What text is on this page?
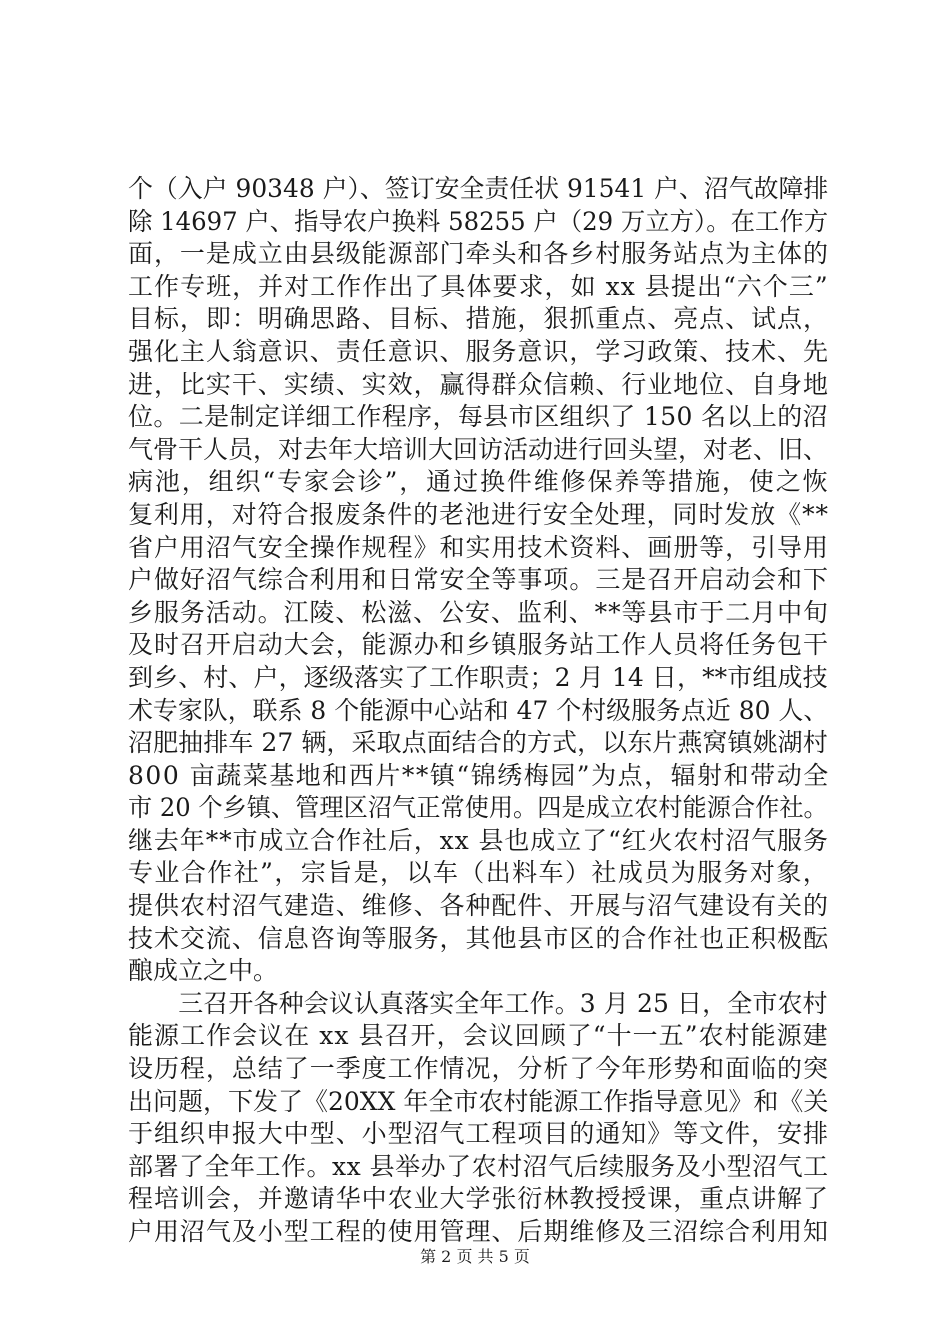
个（入户 90348 户）、签订安全责任状 91541 户、沼气故障排
除 14697 户、指导农户换料 58255 户（29 万立方）。在工作方
面，一是成立由县级能源部门牵头和各乡村服务站点为主体的
工作专班，并对工作作出了具体要求，如 xx 县提出“六个三”
目标，即：明确思路、目标、措施，狠抓重点、亮点、试点，
强化主人翁意识、责任意识、服务意识，学习政策、技术、先
进，比实干、实绩、实效，赢得群众信赖、行业地位、自身地
位。二是制定详细工作程序，每县市区组织了 150 名以上的沼
气骨干人员，对去年大培训大回访活动进行回头望，对老、旧、
病池，组织“专家会诊”，通过换件维修保养等措施，使之恢
复利用，对符合报废条件的老池进行安全处理，同时发放《**
省户用沼气安全操作规程》和实用技术资料、画册等，引导用
户做好沼气综合利用和日常安全等事项。三是召开启动会和下
乡服务活动。江陵、松滋、公安、监利、**等县市于二月中旬
及时召开启动大会，能源办和乡镇服务站工作人员将任务包干
到乡、村、户，逐级落实了工作职责；2 月 14 日，**市组成技
术专家队，联系 8 个能源中心站和 47 个村级服务点近 80 人、
沼肥抽排车 27 辆，采取点面结合的方式，以东片燕窝镇姚湖村
800 亩蔬菜基地和西片**镇“锦绣梅园”为点，辐射和带动全
市 20 个乡镇、管理区沼气正常使用。四是成立农村能源合作社。
继去年**市成立合作社后，xx 县也成立了“红火农村沼气服务
专业合作社”，宗旨是，以车（出料车）社成员为服务对象，
提供农村沼气建造、维修、各种配件、开展与沼气建设有关的
技术交流、信息咨询等服务，其他县市区的合作社也正积极酝
酿成立之中。
　　三召开各种会议认真落实全年工作。3 月 25 日，全市农村
能源工作会议在 xx 县召开，会议回顾了“十一五”农村能源建
设历程，总结了一季度工作情况，分析了今年形势和面临的突
出问题，下发了《20XX 年全市农村能源工作指导意见》和《关
于组织申报大中型、小型沼气工程项目的通知》等文件，安排
部署了全年工作。xx 县举办了农村沼气后续服务及小型沼气工
程培训会，并邀请华中农业大学张衍林教授授课，重点讲解了
户用沼气及小型工程的使用管理、后期维修及三沼综合利用知
第 2 页 共 5 页
